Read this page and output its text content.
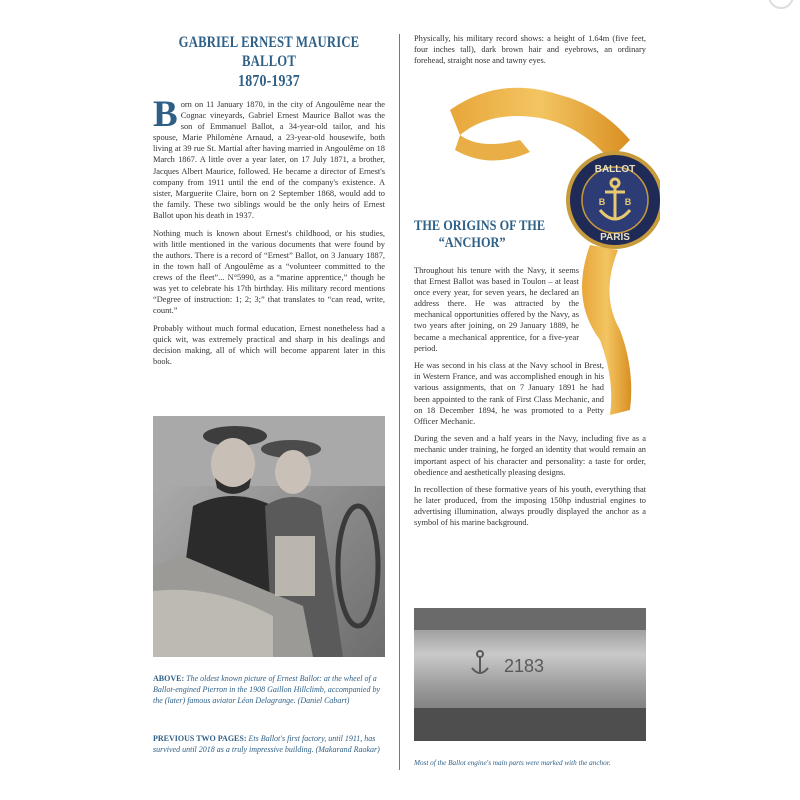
GABRIEL ERNEST MAURICE BALLOT
1870-1937

Born on 11 January 1870, in the city of Angoulême near the Cognac vineyards, Gabriel Ernest Maurice Ballot was the son of Emmanuel Ballot, a 34-year-old tailor, and his spouse, Marie Philomène Arnaud, a 23-year-old housewife, both living at 39 rue St. Martial after having married in Angoulême on 18 March 1867. A little over a year later, on 17 July 1871, a brother, Jacques Albert Maurice, followed. He became a director of Ernest's company from 1911 until the end of the company's existence. A sister, Marguerite Claire, born on 2 September 1868, would add to the family. These two siblings would be the only heirs of Ernest Ballot upon his death in 1937.

Nothing much is known about Ernest's childhood, or his studies, with little mentioned in the various documents that were found by the authors. There is a record of “Ernest” Ballot, on 3 January 1887, in the town hall of Angoulême as a “volunteer committed to the crews of the fleet”... N°5990, as a “marine apprentice,” though he was yet to celebrate his 17th birthday. His military record mentions “Degree of instruction: 1; 2; 3;” that translates to “can read, write, count.”

Probably without much formal education, Ernest nonetheless had a quick wit, was extremely practical and sharp in his dealings and decision making, all of which will become apparent later in this book.

ABOVE: The oldest known picture of Ernest Ballot: at the wheel of a Ballot-engined Pierron in the 1908 Gaillon Hillclimb, accompanied by the (later) famous aviator Léon Delagrange. (Daniel Cabart)
PREVIOUS TWO PAGES: Ets Ballot's first factory, until 1911, has survived until 2018 as a truly impressive building. (Makarand Raokar)

Physically, his military record shows: a height of 1.64m (five feet, four inches tall), dark brown hair and eyebrows, an ordinary forehead, straight nose and tawny eyes.

BALLOT
PARIS
B B
THE ORIGINS OF THE
“ANCHOR”

Throughout his tenure with the Navy, it seems that Ernest Ballot was based in Toulon – at least once every year, for seven years, he declared an address there. He was attracted by the mechanical opportunities offered by the Navy, as two years after joining, on 29 January 1889, he became a mechanical apprentice, for a five-year period.

He was second in his class at the Navy school in Brest, in Western France, and was accomplished enough in his various assignments, that on 7 January 1891 he had been appointed to the rank of First Class Mechanic, and on 18 December 1894, he was promoted to a Petty Officer Mechanic.

During the seven and a half years in the Navy, including five as a mechanic under training, he forged an identity that would remain an important aspect of his character and personality: a taste for order, obedience and aesthetically pleasing designs.

In recollection of these formative years of his youth, everything that he later produced, from the imposing 150hp industrial engines to advertising illumination, always proudly displayed the anchor as a symbol of his marine background.

2183
Most of the Ballot engine's main parts were marked with the anchor.
